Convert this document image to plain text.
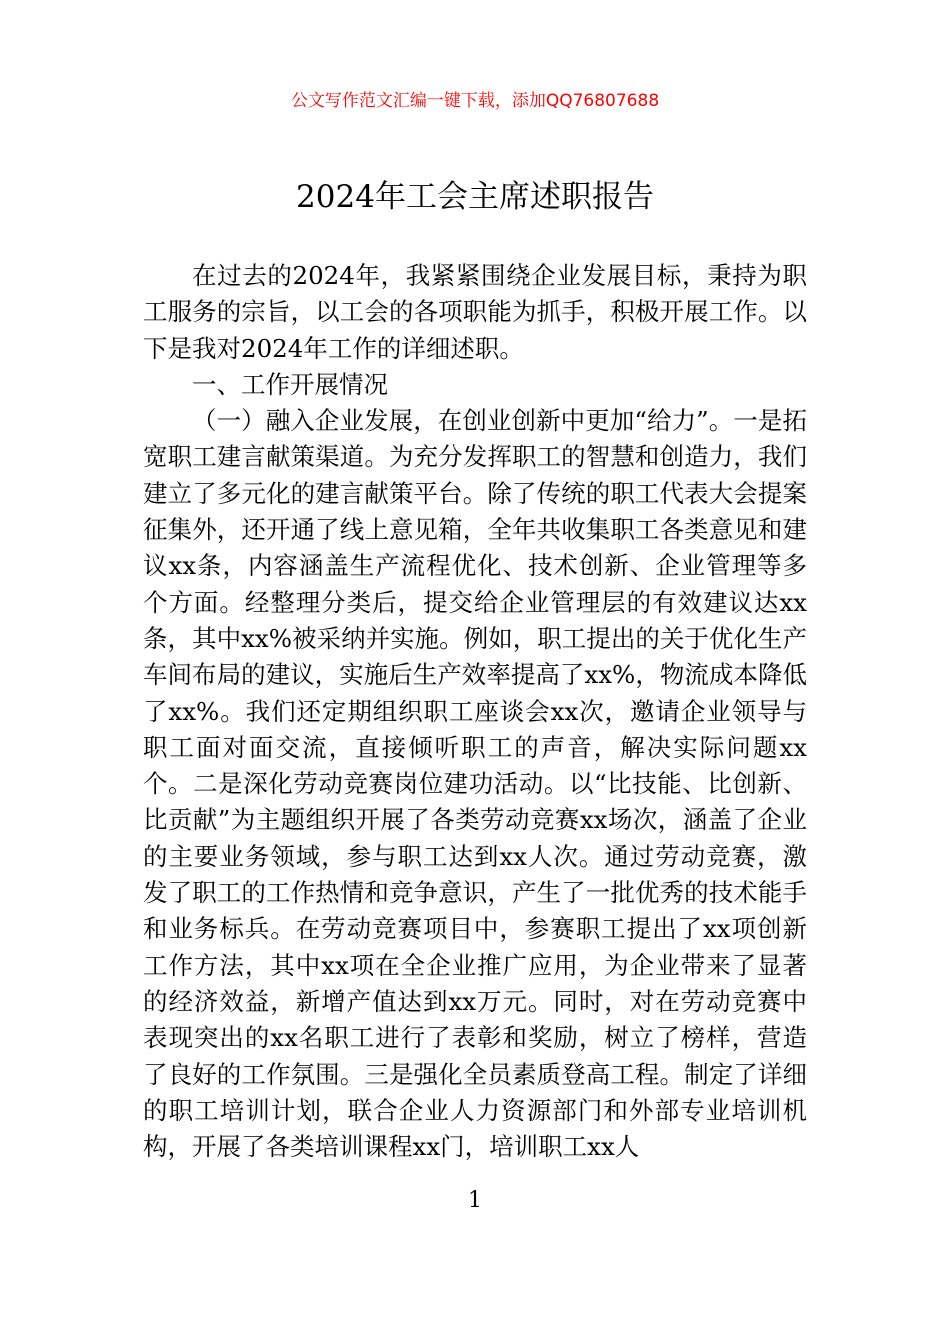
公文写作范文汇编一键下载，添加QQ76807688
2024年工会主席述职报告

在过去的2024年，我紧紧围绕企业发展目标，秉持为职工服务的宗旨，以工会的各项职能为抓手，积极开展工作。以下是我对2024年工作的详细述职。

一、工作开展情况

（一）融入企业发展，在创业创新中更加“给力”。一是拓宽职工建言献策渠道。为充分发挥职工的智慧和创造力，我们建立了多元化的建言献策平台。除了传统的职工代表大会提案征集外，还开通了线上意见箱，全年共收集职工各类意见和建议xx条，内容涵盖生产流程优化、技术创新、企业管理等多个方面。经整理分类后，提交给企业管理层的有效建议达xx条，其中xx%被采纳并实施。例如，职工提出的关于优化生产车间布局的建议，实施后生产效率提高了xx%，物流成本降低了xx%。我们还定期组织职工座谈会xx次，邀请企业领导与职工面对面交流，直接倾听职工的声音，解决实际问题xx个。二是深化劳动竞赛岗位建功活动。以“比技能、比创新、比贡献”为主题组织开展了各类劳动竞赛xx场次，涵盖了企业的主要业务领域，参与职工达到xx人次。通过劳动竞赛，激发了职工的工作热情和竞争意识，产生了一批优秀的技术能手和业务标兵。在劳动竞赛项目中，参赛职工提出了xx项创新工作方法，其中xx项在全企业推广应用，为企业带来了显著的经济效益，新增产值达到xx万元。同时，对在劳动竞赛中表现突出的xx名职工进行了表彰和奖励，树立了榜样，营造了良好的工作氛围。三是强化全员素质登高工程。制定了详细的职工培训计划，联合企业人力资源部门和外部专业培训机构，开展了各类培训课程xx门，培训职工xx人

1
